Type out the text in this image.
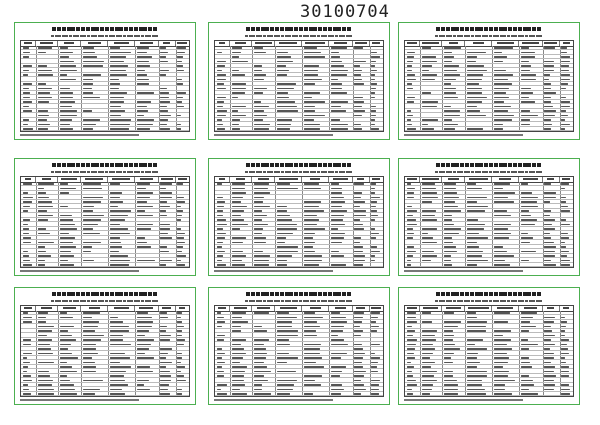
30100704
